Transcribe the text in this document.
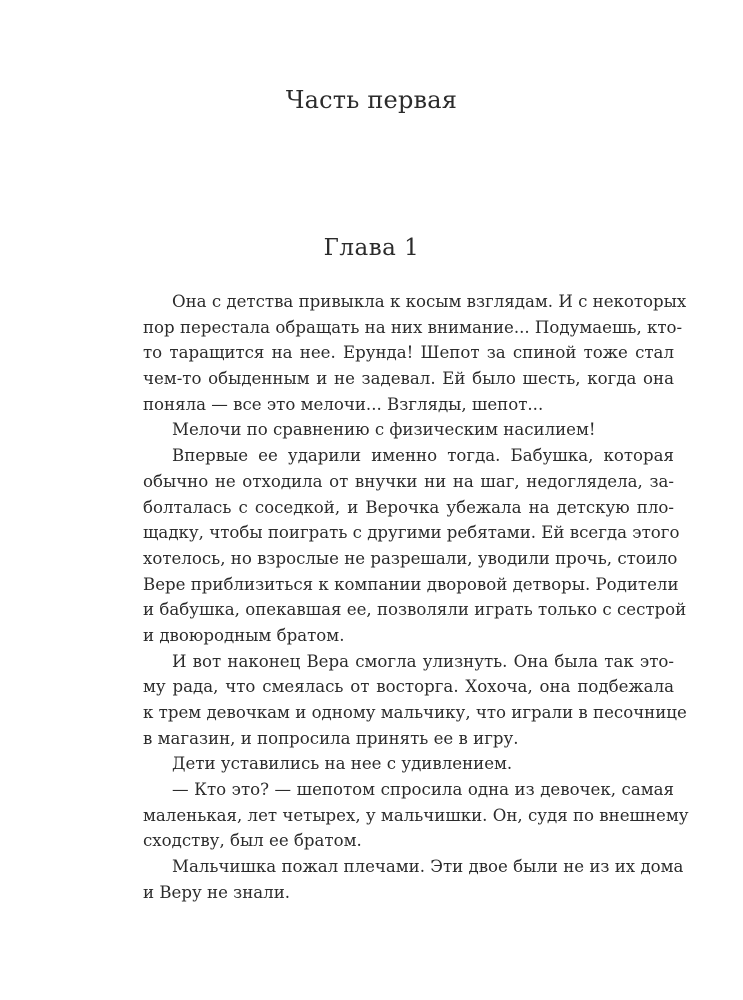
Часть первая
Глава 1
Она с детства привыкла к косым взглядам. И с некоторых
пор перестала обращать на них внимание... Подумаешь, кто-
то таращится на нее. Ерунда! Шепот за спиной тоже стал
чем-то обыденным и не задевал. Ей было шесть, когда она
поняла — все это мелочи... Взгляды, шепот...
Мелочи по сравнению с физическим насилием!
Впервые ее ударили именно тогда. Бабушка, которая
обычно не отходила от внучки ни на шаг, недоглядела, за-
болталась с соседкой, и Верочка убежала на детскую пло-
щадку, чтобы поиграть с другими ребятами. Ей всегда этого
хотелось, но взрослые не разрешали, уводили прочь, стоило
Вере приблизиться к компании дворовой детворы. Родители
и бабушка, опекавшая ее, позволяли играть только с сестрой
и двоюродным братом.
И вот наконец Вера смогла улизнуть. Она была так это-
му рада, что смеялась от восторга. Хохоча, она подбежала
к трем девочкам и одному мальчику, что играли в песочнице
в магазин, и попросила принять ее в игру.
Дети уставились на нее с удивлением.
— Кто это? — шепотом спросила одна из девочек, самая
маленькая, лет четырех, у мальчишки. Он, судя по внешнему
сходству, был ее братом.
Мальчишка пожал плечами. Эти двое были не из их дома
и Веру не знали.
